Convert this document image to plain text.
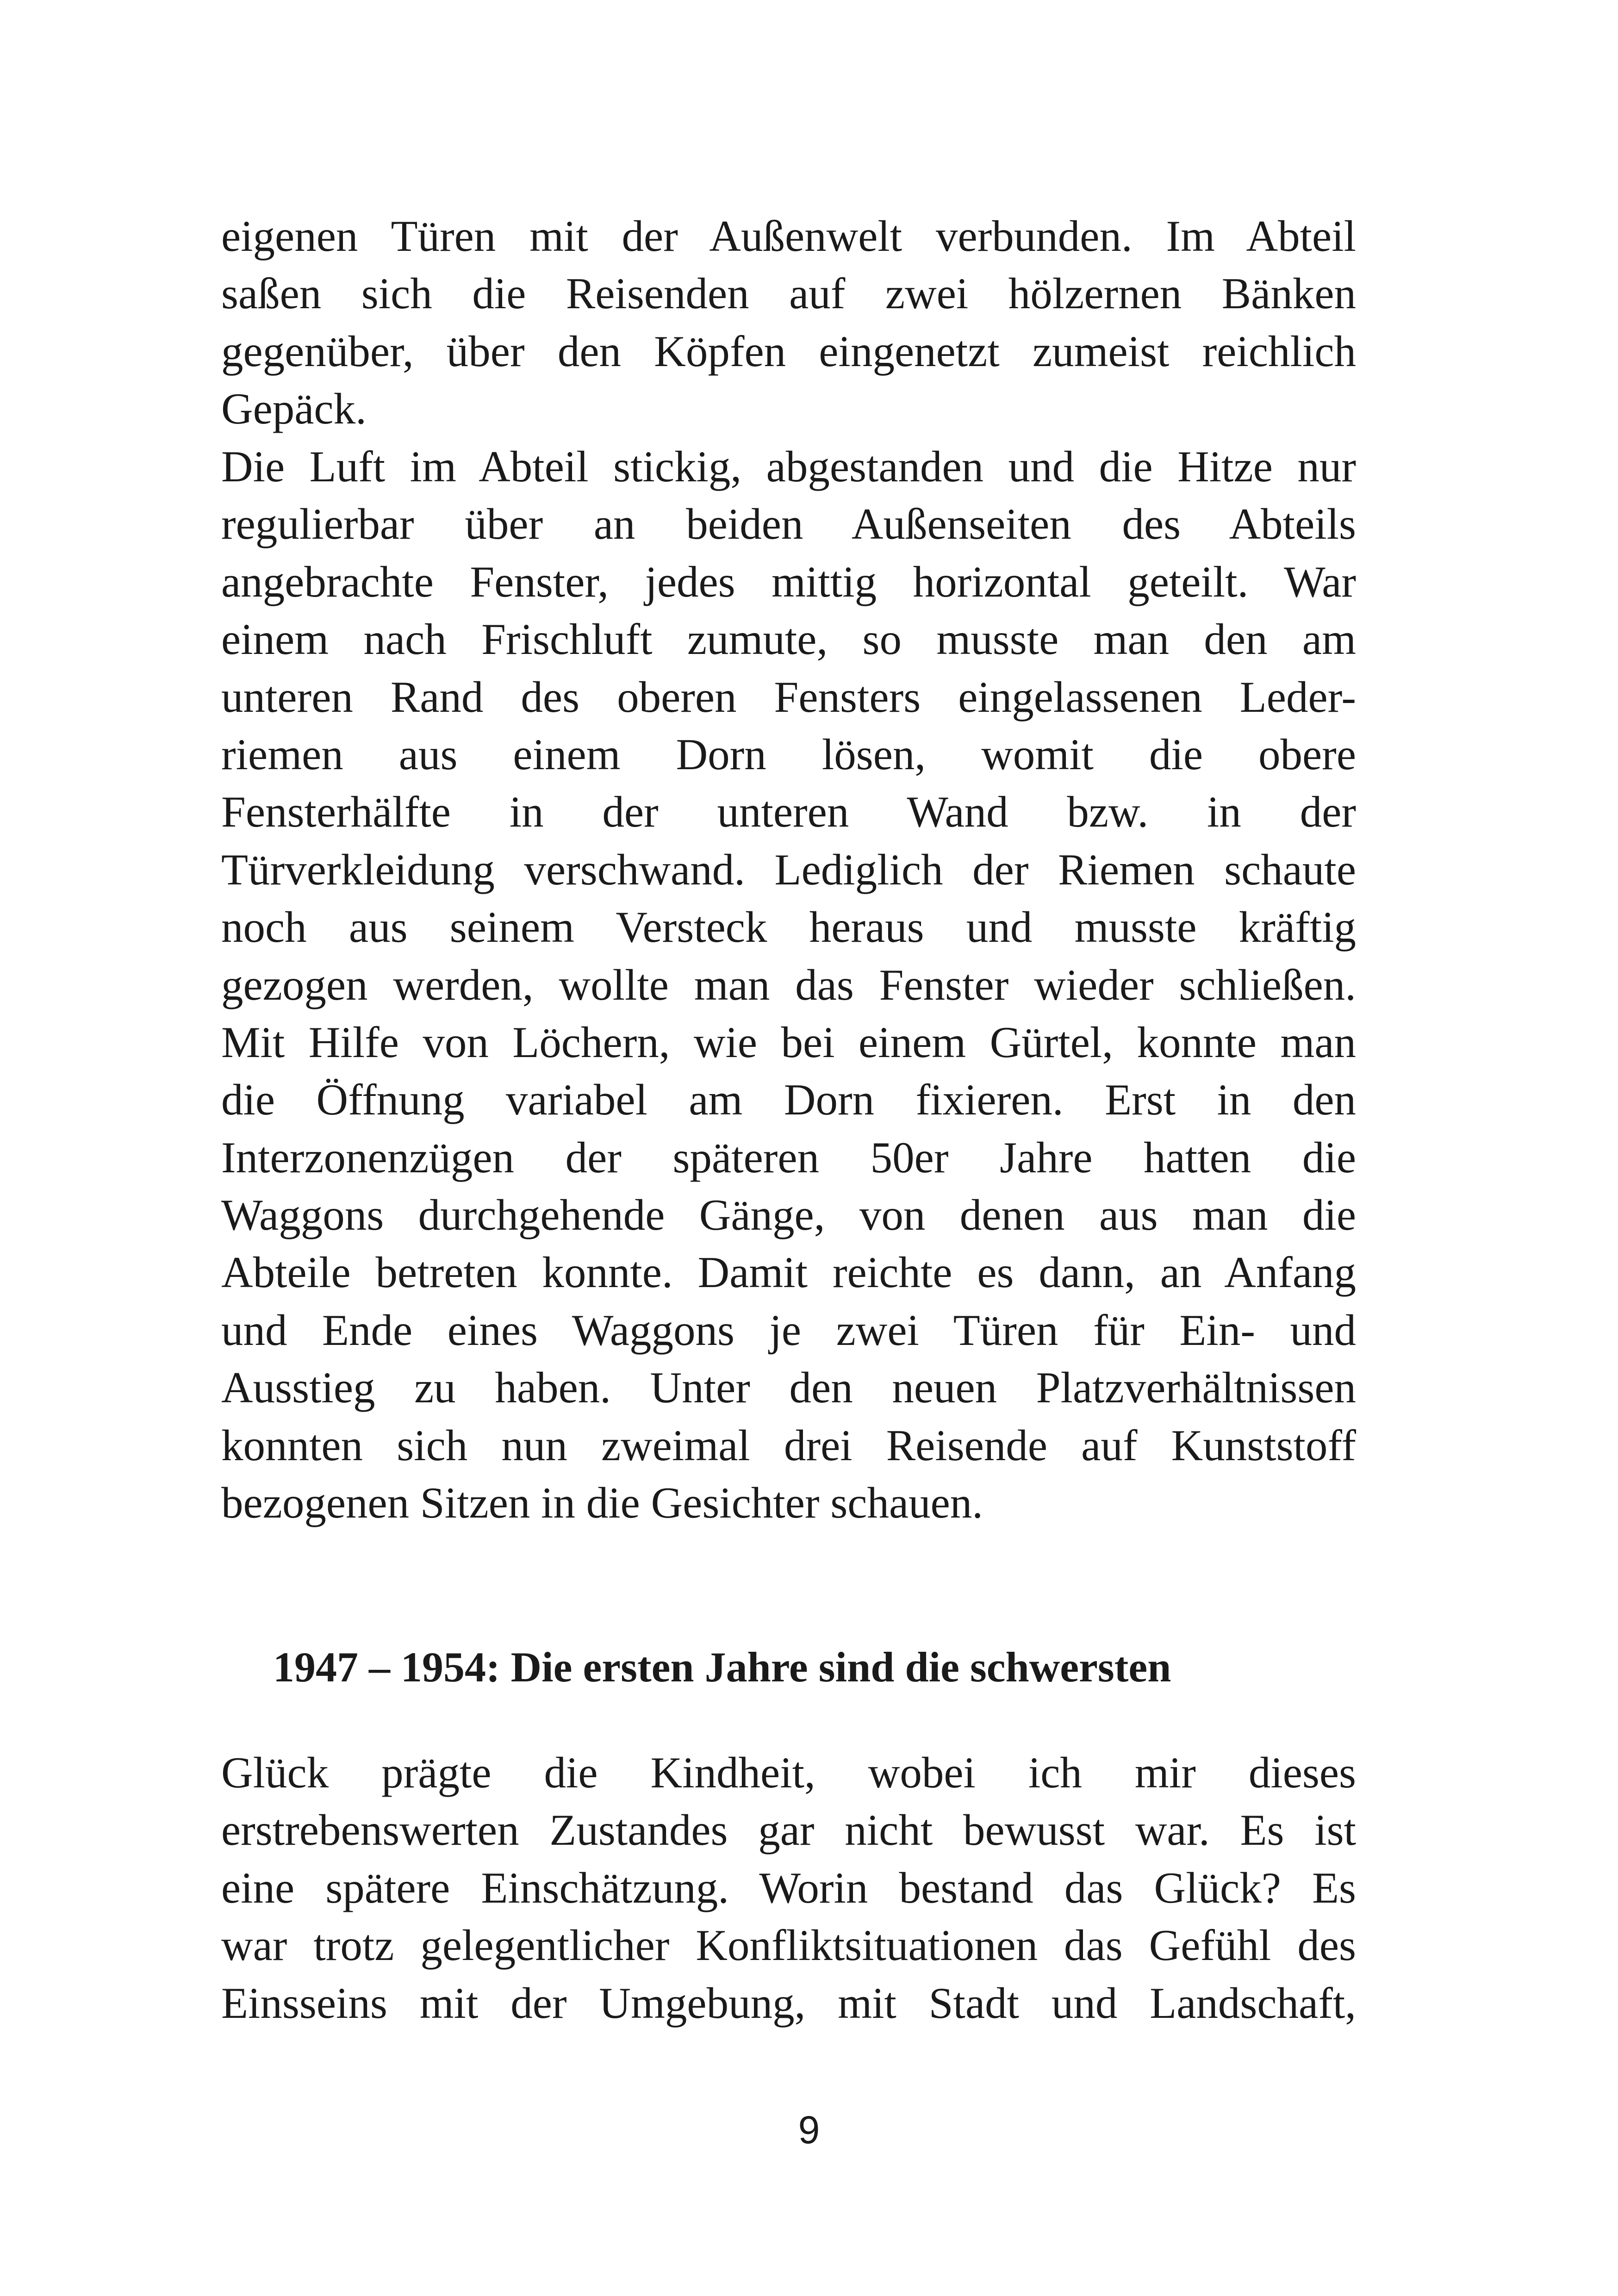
eigenen Türen mit der Außenwelt verbunden. Im Abteil
saßen sich die Reisenden auf zwei hölzernen Bänken
gegenüber, über den Köpfen eingenetzt zumeist reichlich
Gepäck.
Die Luft im Abteil stickig, abgestanden und die Hitze nur
regulierbar über an beiden Außenseiten des Abteils
angebrachte Fenster, jedes mittig horizontal geteilt. War
einem nach Frischluft zumute, so musste man den am
unteren Rand des oberen Fensters eingelassenen Leder-
riemen aus einem Dorn lösen, womit die obere
Fensterhälfte in der unteren Wand bzw. in der
Türverkleidung verschwand. Lediglich der Riemen schaute
noch aus seinem Versteck heraus und musste kräftig
gezogen werden, wollte man das Fenster wieder schließen.
Mit Hilfe von Löchern, wie bei einem Gürtel, konnte man
die Öffnung variabel am Dorn fixieren. Erst in den
Interzonenzügen der späteren 50er Jahre hatten die
Waggons durchgehende Gänge, von denen aus man die
Abteile betreten konnte. Damit reichte es dann, an Anfang
und Ende eines Waggons je zwei Türen für Ein- und
Ausstieg zu haben. Unter den neuen Platzverhältnissen
konnten sich nun zweimal drei Reisende auf Kunststoff
bezogenen Sitzen in die Gesichter schauen.
1947 – 1954: Die ersten Jahre sind die schwersten
Glück prägte die Kindheit, wobei ich mir dieses
erstrebenswerten Zustandes gar nicht bewusst war. Es ist
eine spätere Einschätzung. Worin bestand das Glück? Es
war trotz gelegentlicher Konfliktsituationen das Gefühl des
Einsseins mit der Umgebung, mit Stadt und Landschaft,
9
